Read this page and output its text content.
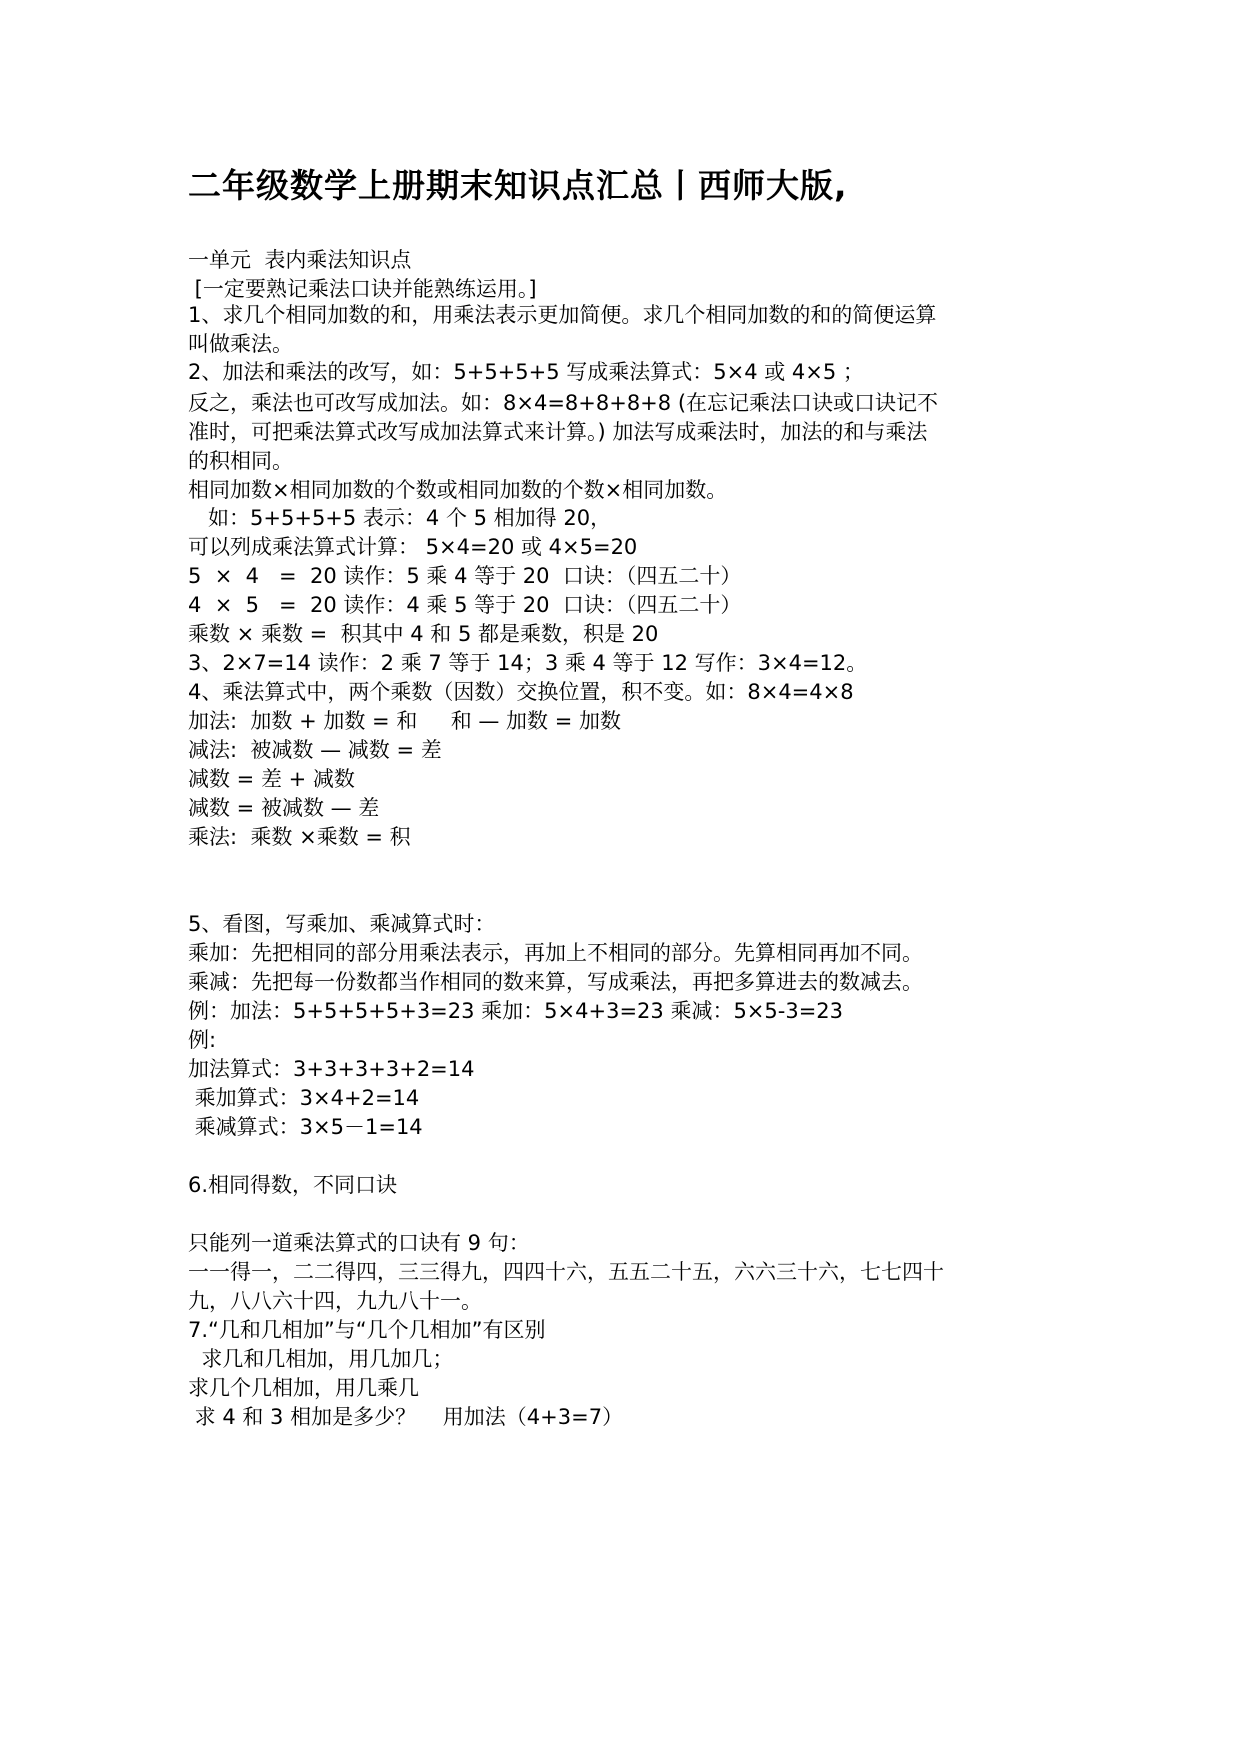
二年级数学上册期末知识点汇总丨西师大版,
一单元  表内乘法知识点
[一定要熟记乘法口诀并能熟练运用。]
1、求几个相同加数的和，用乘法表示更加简便。求几个相同加数的和的简便运算
叫做乘法。
2、加法和乘法的改写，如：5+5+5+5 写成乘法算式：5×4 或 4×5 ；
反之，乘法也可改写成加法。如：8×4=8+8+8+8 (在忘记乘法口诀或口诀记不
准时，可把乘法算式改写成加法算式来计算。) 加法写成乘法时，加法的和与乘法
的积相同。
相同加数×相同加数的个数或相同加数的个数×相同加数。
如：5+5+5+5 表示：4 个 5 相加得 20，
可以列成乘法算式计算： 5×4=20 或 4×5=20
5  ×  4   =  20 读作：5 乘 4 等于 20  口诀：（四五二十）
4  ×  5   =  20 读作：4 乘 5 等于 20  口诀：（四五二十）
乘数 × 乘数 =  积其中 4 和 5 都是乘数，积是 20
3、2×7=14 读作：2 乘 7 等于 14；3 乘 4 等于 12 写作：3×4=12。
4、乘法算式中，两个乘数（因数）交换位置，积不变。如：8×4=4×8
加法:  加数 + 加数 = 和     和 — 加数 = 加数
减法:  被减数 — 减数 = 差
减数 = 差 + 减数
减数 = 被减数 — 差
乘法:  乘数 ×乘数 = 积
5、看图，写乘加、乘减算式时：
乘加：先把相同的部分用乘法表示，再加上不相同的部分。先算相同再加不同。
乘减：先把每一份数都当作相同的数来算，写成乘法，再把多算进去的数减去。
例：加法：5+5+5+5+3=23 乘加：5×4+3=23 乘减：5×5-3=23
例:
加法算式：3+3+3+3+2=14
乘加算式：3×4+2=14
乘减算式：3×5－1=14
6.相同得数，不同口诀
只能列一道乘法算式的口诀有 9 句：
一一得一，二二得四，三三得九，四四十六，五五二十五，六六三十六，七七四十
九，八八六十四，九九八十一。
7.“几和几相加”与“几个几相加”有区别
求几和几相加，用几加几；
求几个几相加，用几乘几
求 4 和 3 相加是多少？    用加法（4+3=7）
